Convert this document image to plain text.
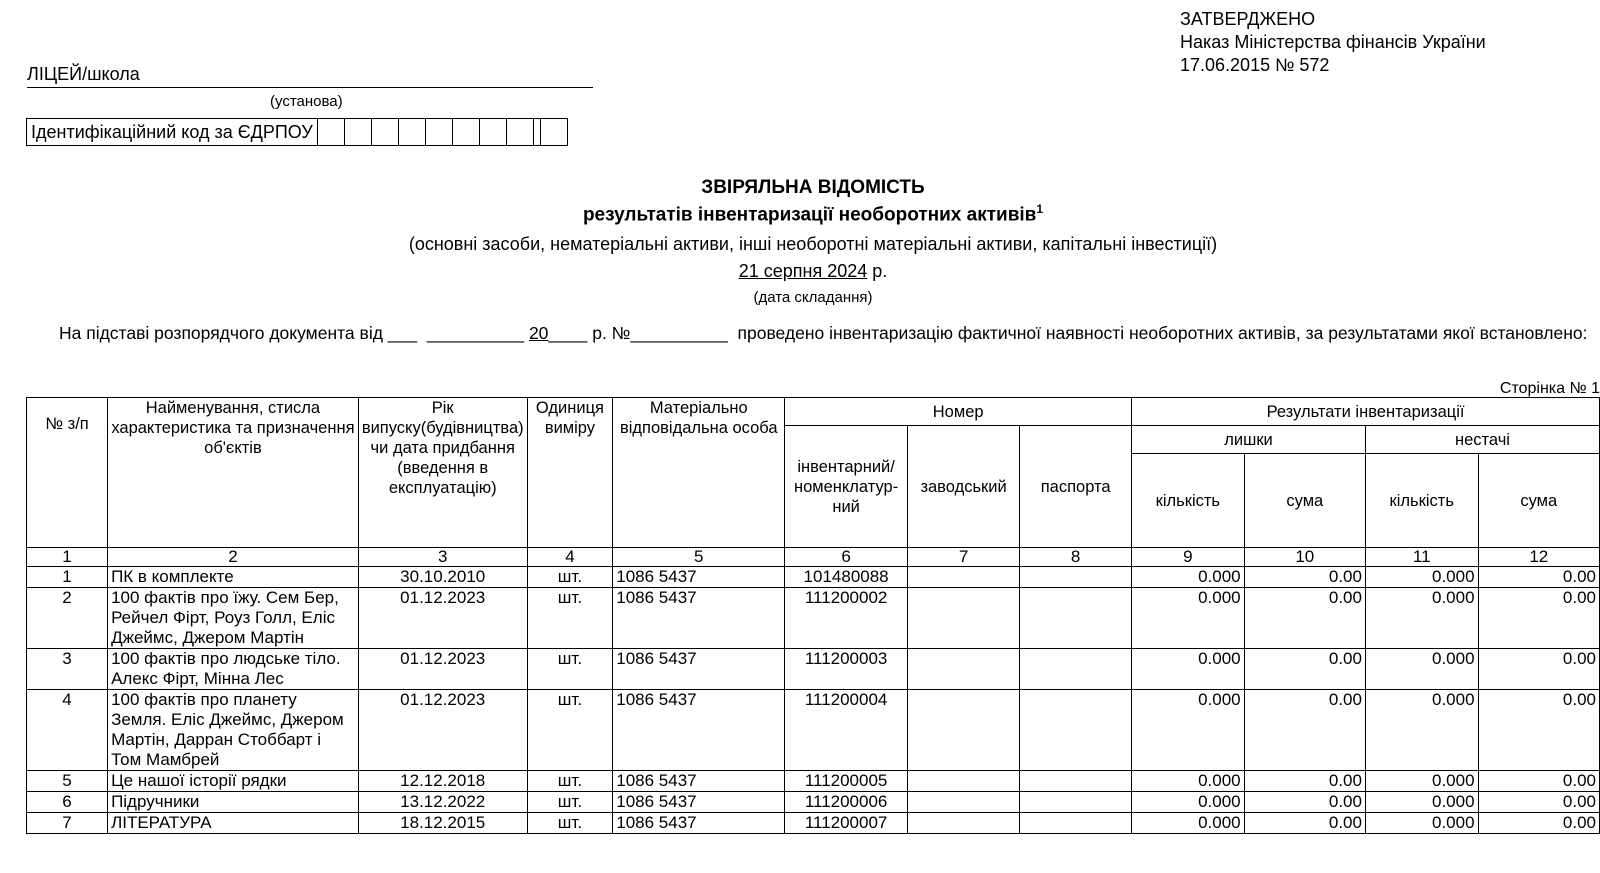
ЗАТВЕРДЖЕНО
Наказ Міністерства фінансів України
17.06.2015 № 572
ЛІЦЕЙ/школа
(установа)
Ідентифікаційний код за ЄДРПОУ
ЗВІРЯЛЬНА ВІДОМІСТЬ
результатів інвентаризації необоротних активів$^1$
(основні засоби, нематеріальні активи, інші необоротні матеріальні активи, капітальні інвестиції)
21 серпня 2024 р.
(дата складання)
На підставі розпорядчого документа від ___ __________ 20____ р. №__________ проведено інвентаризацію фактичної наявності необоротних активів, за результатами якої встановлено:
Сторінка № 1
№ з/п	Найменування, стисла характеристика та призначення об'єктів	Рік випуску(будівництва) чи дата придбання (введення в експлуатацію)	Одиниця виміру	Матеріально відповідальна особа	Номер			Результати інвентаризації			
					інвентарний/ номенклатур-ний	заводський	паспорта	лишки		нестачі	
								кількість	сума	кількість	сума
1	2	3	4	5	6	7	8	9	10	11	12
1	ПК в комплекте	30.10.2010	шт.	1086 5437	101480088			0.000	0.00	0.000	0.00
2	100 фактів про їжу. Сем Бер, Рейчел Фірт, Роуз Голл, Еліс Джеймс, Джером Мартін	01.12.2023	шт.	1086 5437	111200002			0.000	0.00	0.000	0.00
3	100 фактів про людське тіло. Алекс Фірт, Мінна Лес	01.12.2023	шт.	1086 5437	111200003			0.000	0.00	0.000	0.00
4	100 фактів про планету Земля. Еліс Джеймс, Джером Мартін, Дарран Стоббарт і Том Мамбрей	01.12.2023	шт.	1086 5437	111200004			0.000	0.00	0.000	0.00
5	Це нашої історії рядки	12.12.2018	шт.	1086 5437	111200005			0.000	0.00	0.000	0.00
6	Підручники	13.12.2022	шт.	1086 5437	111200006			0.000	0.00	0.000	0.00
7	ЛІТЕРАТУРА	18.12.2015	шт.	1086 5437	111200007			0.000	0.00	0.000	0.00
